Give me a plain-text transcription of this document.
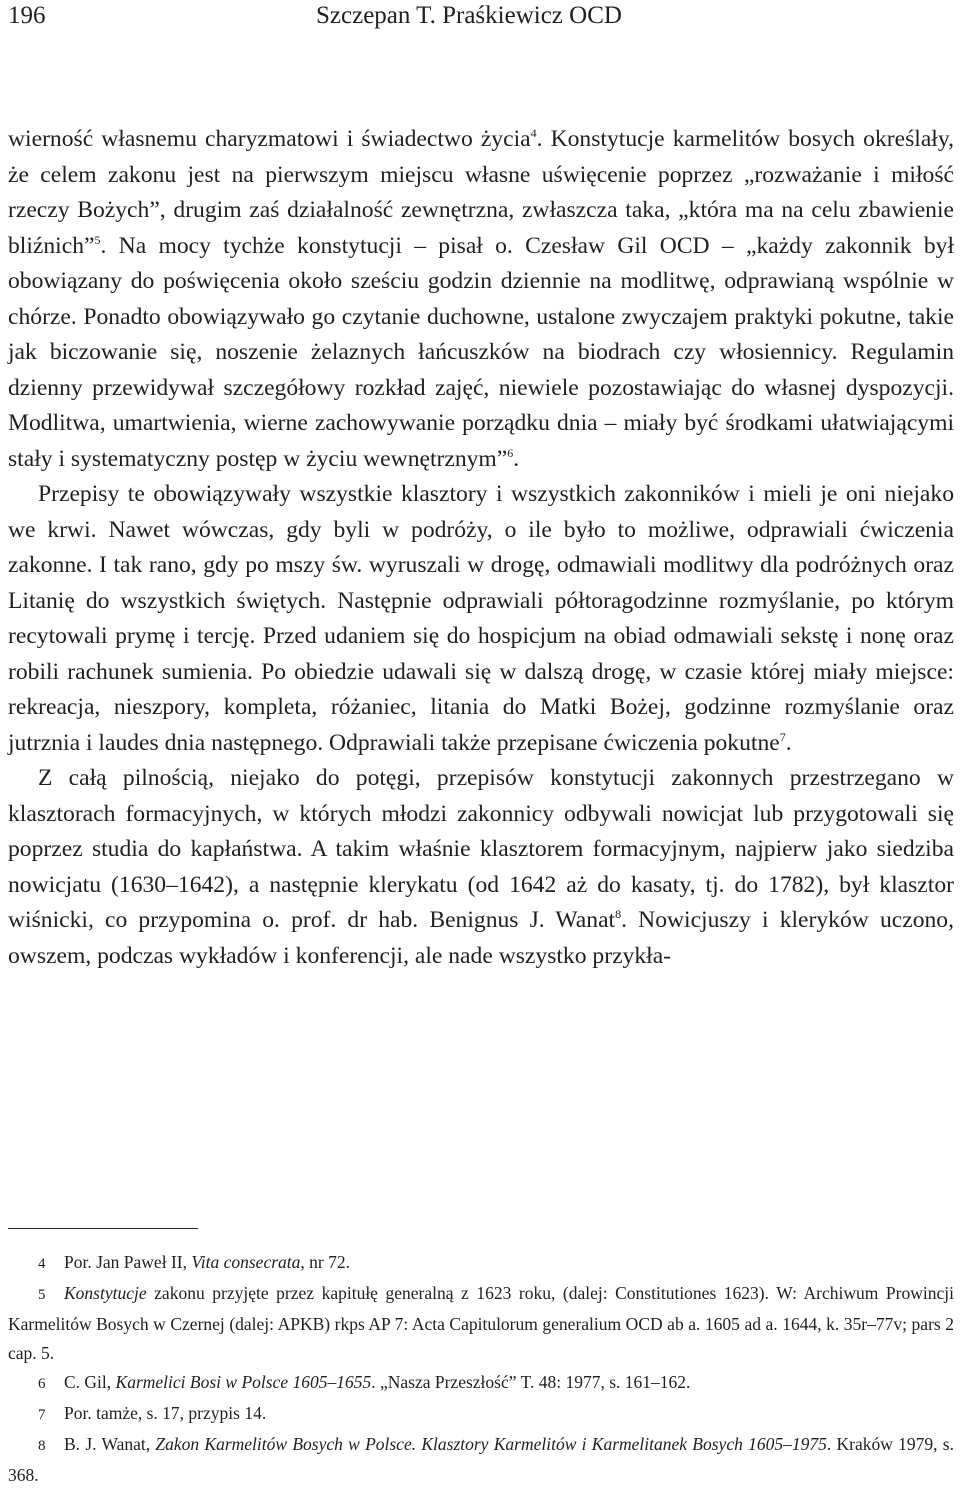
196	Szczepan T. Praśkiewicz OCD

wierność własnemu charyzmatowi i świadectwo życia$^4$. Konstytucje karmelitów bosych określały, że celem zakonu jest na pierwszym miejscu własne uświęcenie poprzez „rozważanie i miłość rzeczy Bożych”, drugim zaś działalność zewnętrzna, zwłaszcza taka, „która ma na celu zbawienie bliźnich”$^5$. Na mocy tychże konstytucji – pisał o. Czesław Gil OCD – „każdy zakonnik był obowiązany do poświęcenia około sześciu godzin dziennie na modlitwę, odprawianą wspólnie w chórze. Ponadto obowiązywało go czytanie duchowne, ustalone zwyczajem praktyki pokutne, takie jak biczowanie się, noszenie żelaznych łańcuszków na biodrach czy włosiennicy. Regulamin dzienny przewidywał szczegółowy rozkład zajęć, niewiele pozostawiając do własnej dyspozycji. Modlitwa, umartwienia, wierne zachowywanie porządku dnia – miały być środkami ułatwiającymi stały i systematyczny postęp w życiu wewnętrznym”$^6$.

Przepisy te obowiązywały wszystkie klasztory i wszystkich zakonników i mieli je oni niejako we krwi. Nawet wówczas, gdy byli w podróży, o ile było to możliwe, odprawiali ćwiczenia zakonne. I tak rano, gdy po mszy św. wyruszali w drogę, odmawiali modlitwy dla podróżnych oraz Litanię do wszystkich świętych. Następnie odprawiali półtoragodzinne rozmyślanie, po którym recytowali prymę i tercję. Przed udaniem się do hospicjum na obiad odmawiali sekstę i nonę oraz robili rachunek sumienia. Po obiedzie udawali się w dalszą drogę, w czasie której miały miejsce: rekreacja, nieszpory, kompleta, różaniec, litania do Matki Bożej, godzinne rozmyślanie oraz jutrznia i laudes dnia następnego. Odprawiali także przepisane ćwiczenia pokutne$^7$.

Z całą pilnością, niejako do potęgi, przepisów konstytucji zakonnych przestrzegano w klasztorach formacyjnych, w których młodzi zakonnicy odbywali nowicjat lub przygotowali się poprzez studia do kapłaństwa. A takim właśnie klasztorem formacyjnym, najpierw jako siedziba nowicjatu (1630–1642), a następnie klerykatu (od 1642 aż do kasaty, tj. do 1782), był klasztor wiśnicki, co przypomina o. prof. dr hab. Benignus J. Wanat$^8$. Nowicjuszy i kleryków uczono, owszem, podczas wykładów i konferencji, ale nade wszystko przykła-

4 Por. Jan Paweł II, Vita consecrata, nr 72.

5 Konstytucje zakonu przyjęte przez kapitułę generalną z 1623 roku, (dalej: Constitutiones 1623). W: Archiwum Prowincji Karmelitów Bosych w Czernej (dalej: APKB) rkps AP 7: Acta Capitulorum generalium OCD ab a. 1605 ad a. 1644, k. 35r–77v; pars 2 cap. 5.

6 C. Gil, Karmelici Bosi w Polsce 1605–1655. „Nasza Przeszłość” T. 48: 1977, s. 161–162.

7 Por. tamże, s. 17, przypis 14.

8 B. J. Wanat, Zakon Karmelitów Bosych w Polsce. Klasztory Karmelitów i Karmelitanek Bosych 1605–1975. Kraków 1979, s. 368.
